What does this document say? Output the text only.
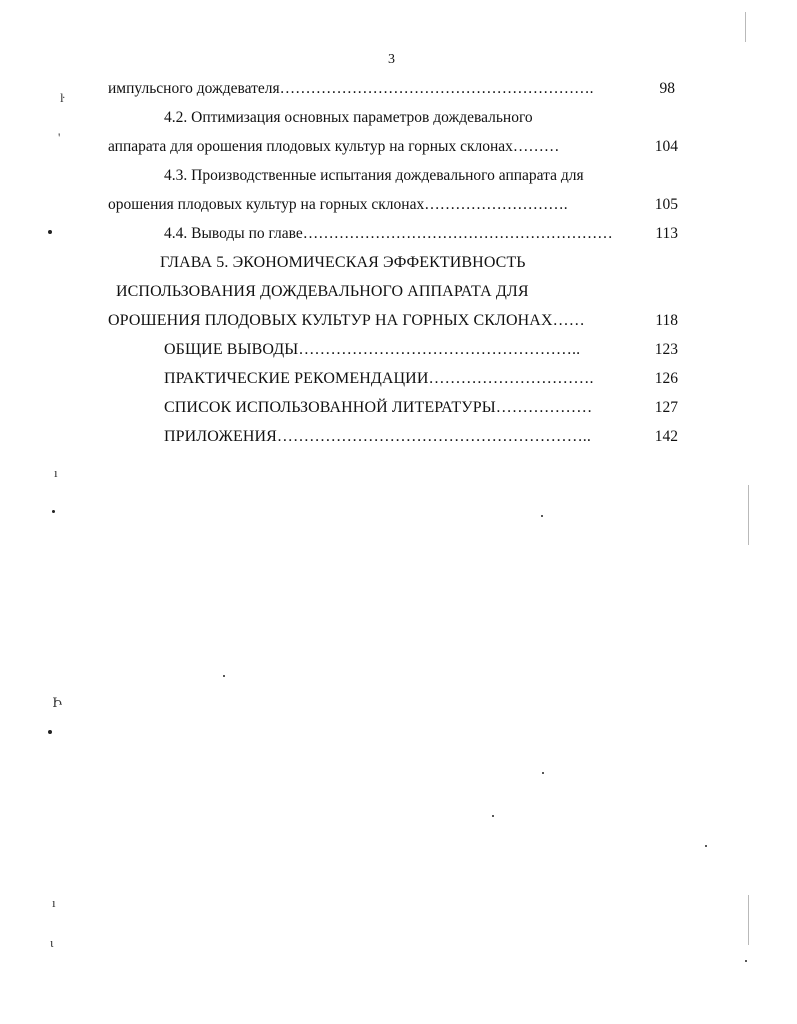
3
импульсного дождевателя…………………………………………………….	98
4.2. Оптимизация основных параметров дождевального
аппарата для орошения плодовых культур на горных склонах………	104
4.3. Производственные испытания дождевального аппарата для
орошения плодовых культур на горных склонах……………………….	105
4.4. Выводы по главе……………………………………………………	113
ГЛАВА 5. ЭКОНОМИЧЕСКАЯ ЭФФЕКТИВНОСТЬ
ИСПОЛЬЗОВАНИЯ ДОЖДЕВАЛЬНОГО АППАРАТА ДЛЯ
ОРОШЕНИЯ ПЛОДОВЫХ КУЛЬТУР НА ГОРНЫХ СКЛОНАХ……	118
ОБЩИЕ ВЫВОДЫ……………………………………………..	123
ПРАКТИЧЕСКИЕ РЕКОМЕНДАЦИИ………………………….	126
СПИСОК ИСПОЛЬЗОВАННОЙ ЛИТЕРАТУРЫ………………	127
ПРИЛОЖЕНИЯ…………………………………………………..	142
ŀ
'
ı
Ի
ı
ɩ
